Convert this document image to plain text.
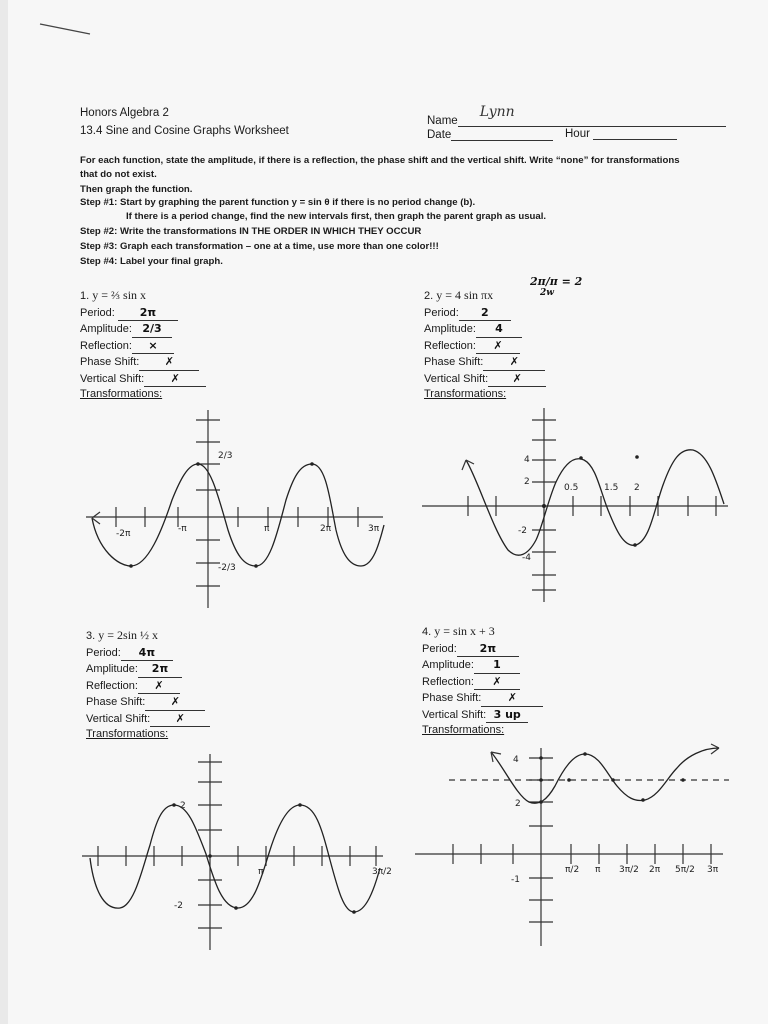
Honors Algebra 2
13.4 Sine and Cosine Graphs Worksheet
Name
Lynn
Date	Hour
For each function, state the amplitude, if there is a reflection, the phase shift and the vertical shift. Write “none” for transformations that do not exist.
Then graph the function.
Step #1: Start by graphing the parent function y = sin θ if there is no period change (b).
If there is a period change, find the new intervals first, then graph the parent graph as usual.
Step #2: Write the transformations IN THE ORDER IN WHICH THEY OCCUR
Step #3: Graph each transformation – one at a time, use more than one color!!!
Step #4: Label your final graph.
1. y = ⅔ sin x
Period: 2π
Amplitude: 2/3
Reflection: ×
Phase Shift: ✗
Vertical Shift: ✗
Transformations:
2. y = 4 sin πx
Period: 2
Amplitude: 4
Reflection: ✗
Phase Shift: ✗
Vertical Shift: ✗
Transformations:
2π/π = 2
2w
3. y = 2sin ½ x
Period: 4π
Amplitude: 2π
Reflection: ✗
Phase Shift: ✗
Vertical Shift: ✗
Transformations:
4. y = sin x + 3
Period: 2π
Amplitude: 1
Reflection: ✗
Phase Shift: ✗
Vertical Shift: 3 up
Transformations:
2/3
-2/3
-2π	-π	π	2π	3π
4
2
-2
-4
0.5	1.5 2
2
-2
π	3π/2
4
2
-1
π/2 π 3π/2 2π 5π/2 3π
